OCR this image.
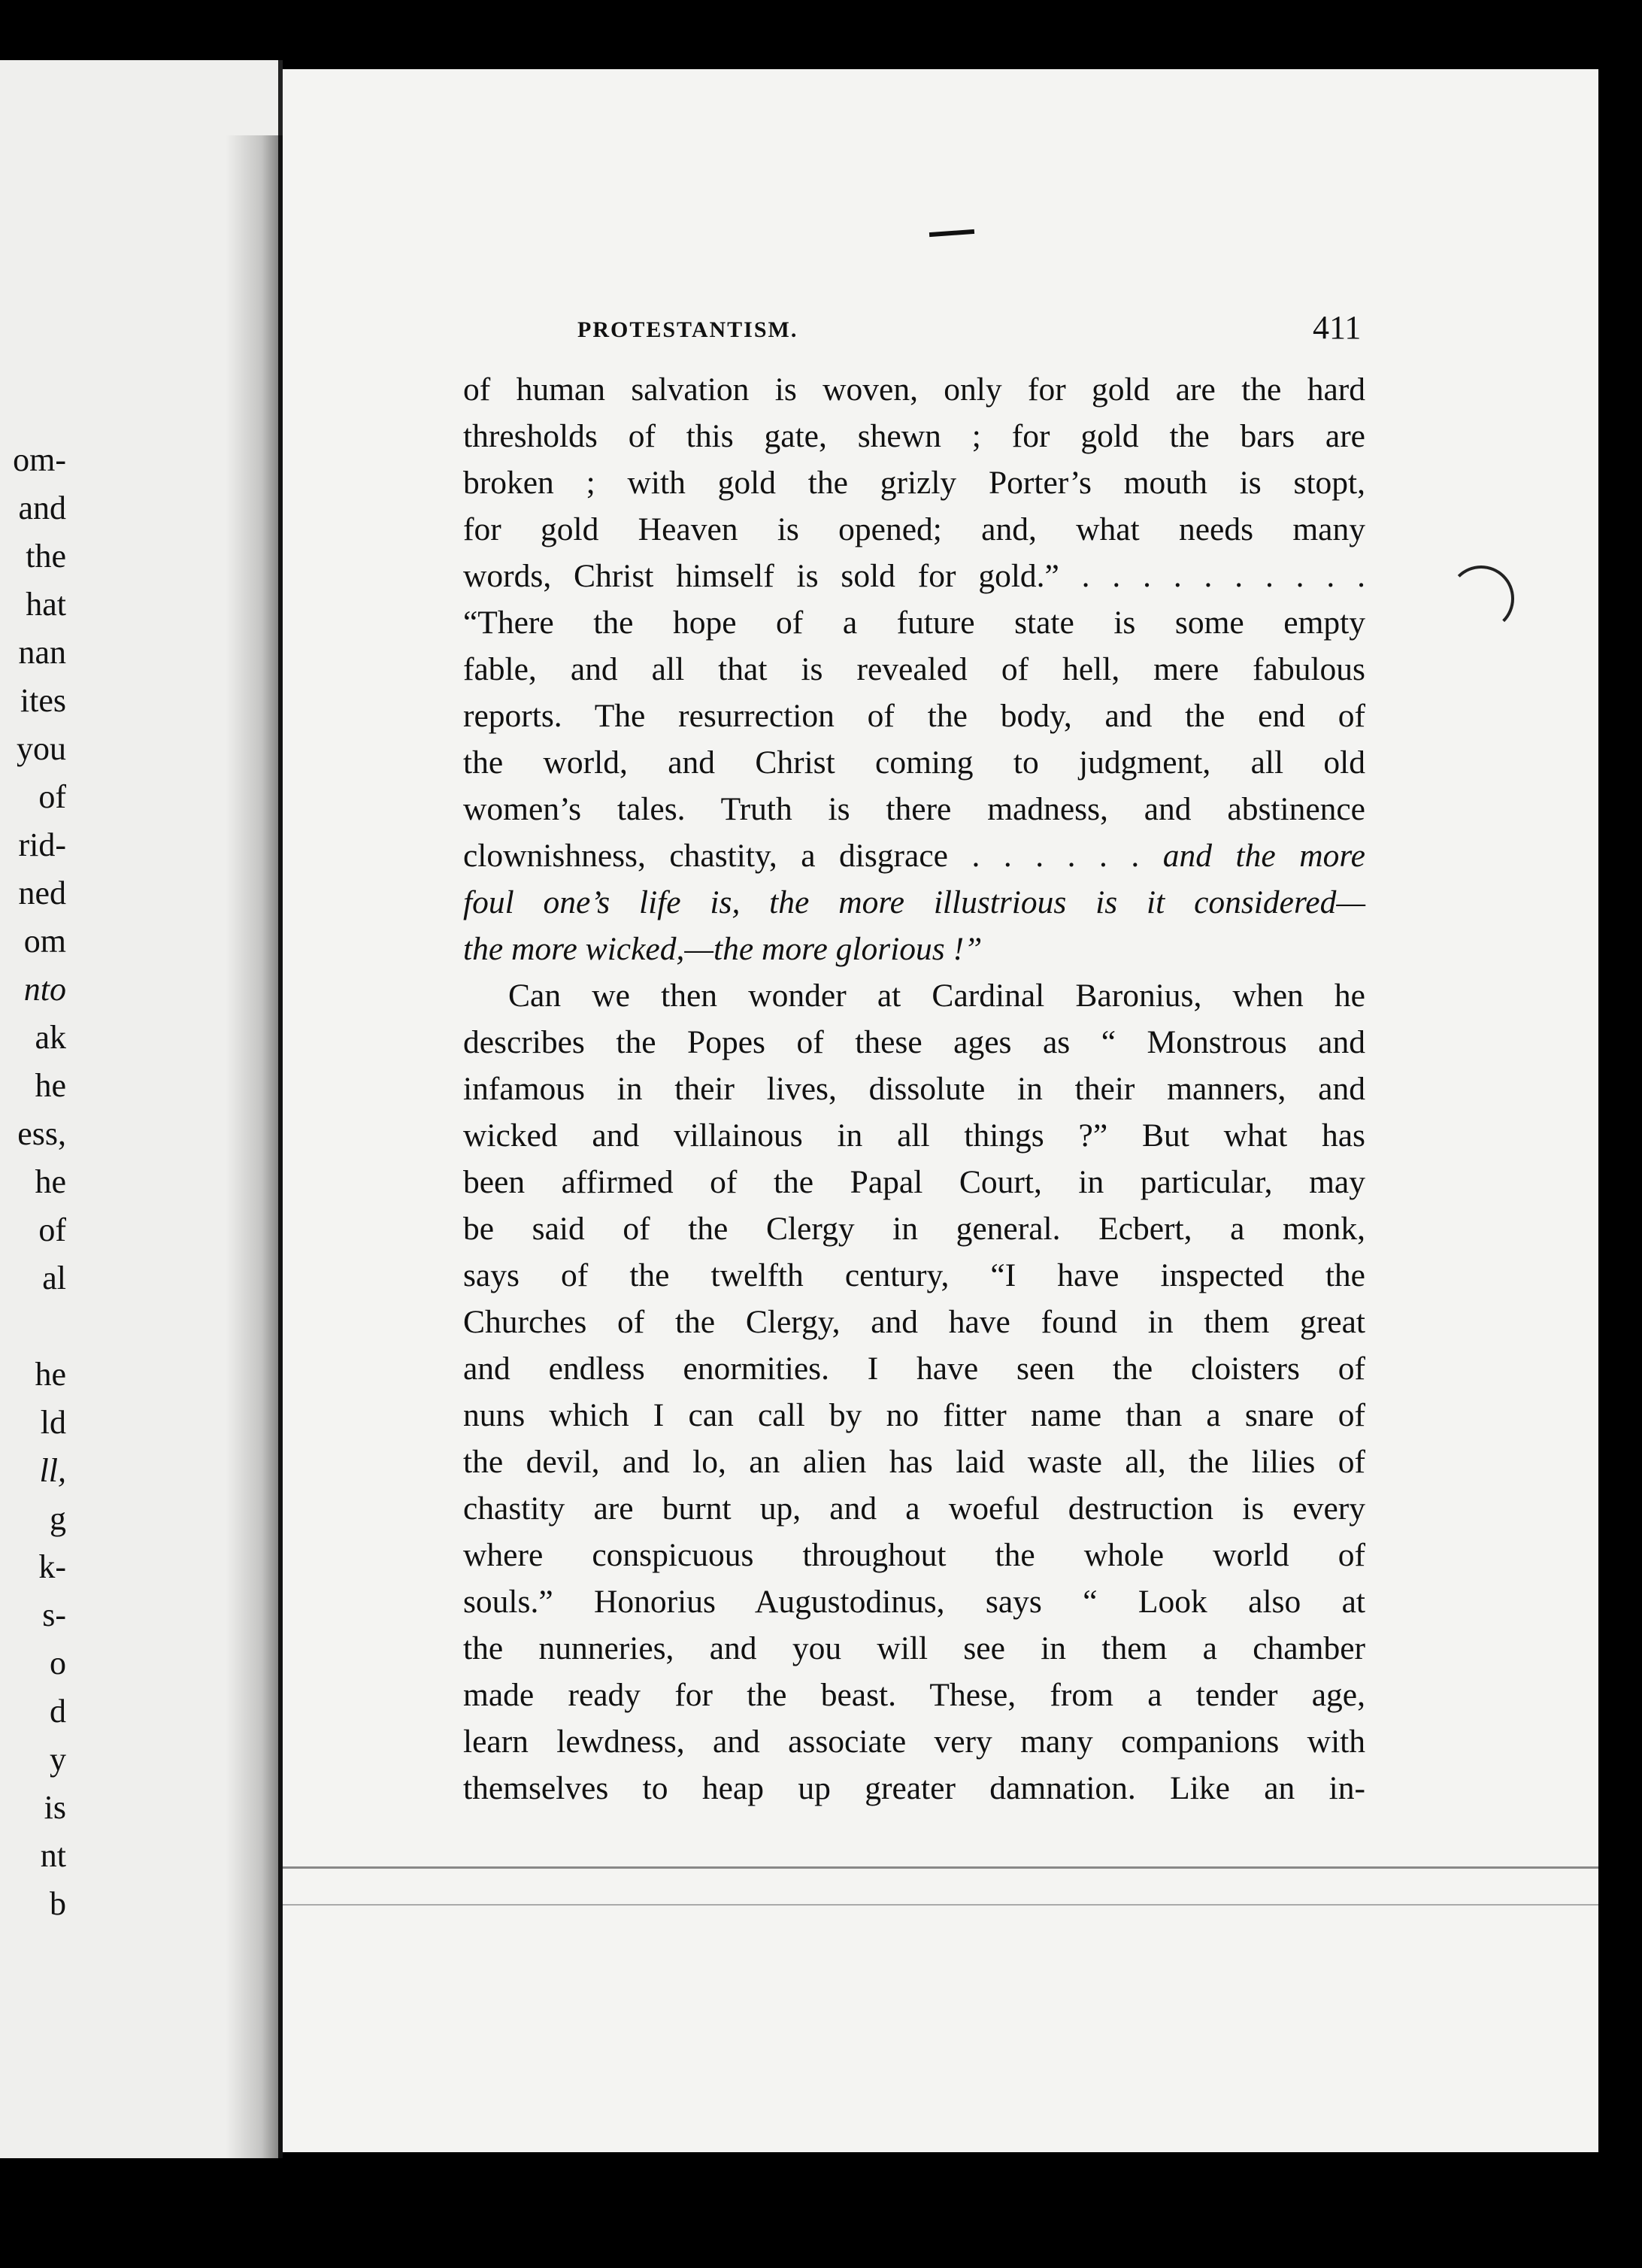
om-
and
the
hat
nan
ites
you
of
rid-
ned
om
nto
ak
he
ess,
he
of
al
he
ld
ll,
g
k-
s-
o
d
y
is
nt
b
PROTESTANTISM.	411
of human salvation is woven, only for gold are the hard
thresholds of this gate, shewn ; for gold the bars are
broken ; with gold the grizly Porter’s mouth is stopt,
for gold Heaven is opened; and, what needs many
words, Christ himself is sold for gold.” . . . . . . . . . .
“There the hope of a future state is some empty
fable, and all that is revealed of hell, mere fabulous
reports. The resurrection of the body, and the end of
the world, and Christ coming to judgment, all old
women’s tales. Truth is there madness, and abstinence
clownishness, chastity, a disgrace . . . . . . and the more
foul one’s life is, the more illustrious is it considered—
the more wicked,—the more glorious !”
Can we then wonder at Cardinal Baronius, when he
describes the Popes of these ages as “ Monstrous and
infamous in their lives, dissolute in their manners, and
wicked and villainous in all things ?” But what has
been affirmed of the Papal Court, in particular, may
be said of the Clergy in general. Ecbert, a monk,
says of the twelfth century, “I have inspected the
Churches of the Clergy, and have found in them great
and endless enormities. I have seen the cloisters of
nuns which I can call by no fitter name than a snare of
the devil, and lo, an alien has laid waste all, the lilies of
chastity are burnt up, and a woeful destruction is every
where conspicuous throughout the whole world of
souls.” Honorius Augustodinus, says “ Look also at
the nunneries, and you will see in them a chamber
made ready for the beast. These, from a tender age,
learn lewdness, and associate very many companions with
themselves to heap up greater damnation. Like an in-
